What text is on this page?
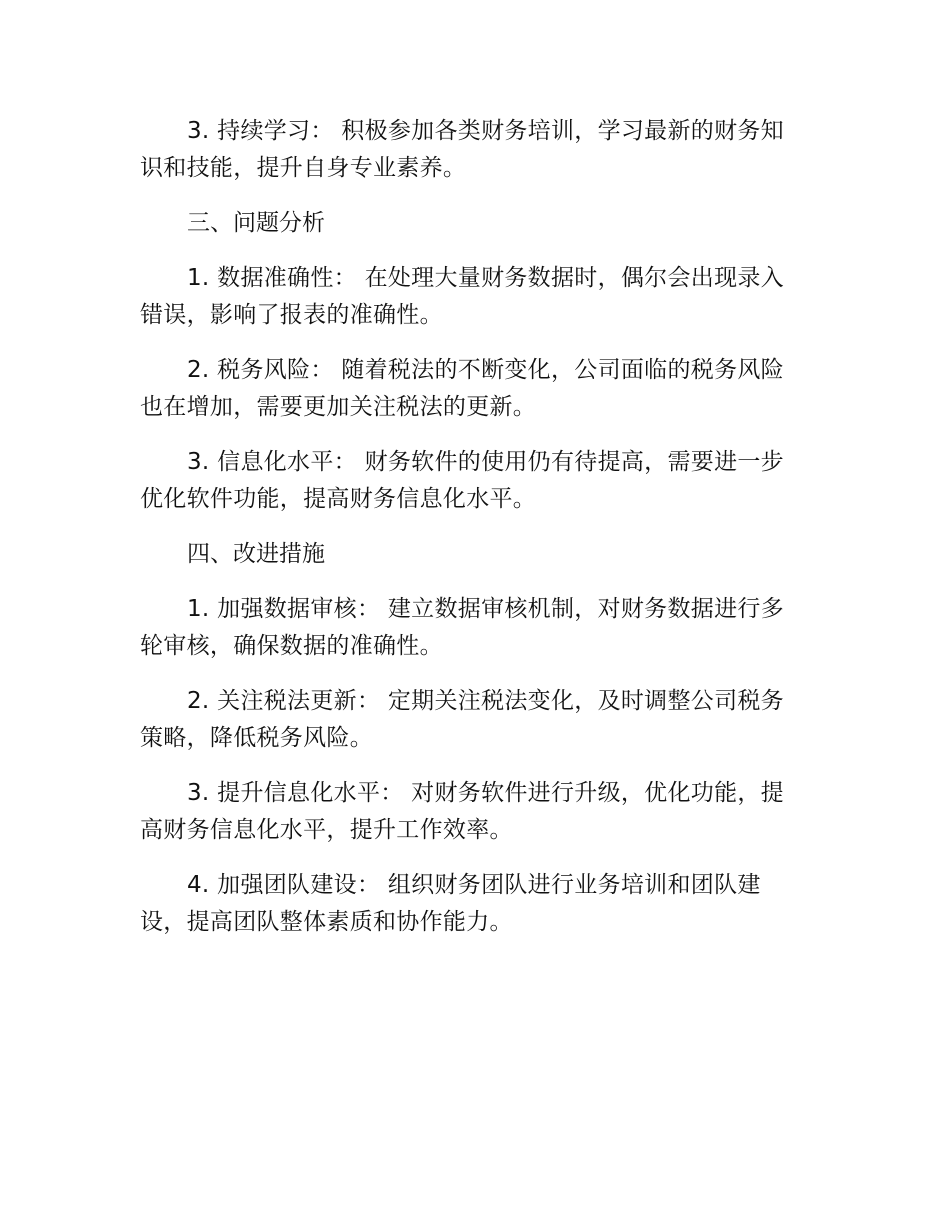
3. 持续学习： 积极参加各类财务培训，学习最新的财务知识和技能，提升自身专业素养。

三、问题分析

1. 数据准确性： 在处理大量财务数据时，偶尔会出现录入错误，影响了报表的准确性。

2. 税务风险： 随着税法的不断变化，公司面临的税务风险也在增加，需要更加关注税法的更新。

3. 信息化水平： 财务软件的使用仍有待提高，需要进一步优化软件功能，提高财务信息化水平。

四、改进措施

1. 加强数据审核： 建立数据审核机制，对财务数据进行多轮审核，确保数据的准确性。

2. 关注税法更新： 定期关注税法变化，及时调整公司税务策略，降低税务风险。

3. 提升信息化水平： 对财务软件进行升级，优化功能，提高财务信息化水平，提升工作效率。

4. 加强团队建设： 组织财务团队进行业务培训和团队建设，提高团队整体素质和协作能力。
